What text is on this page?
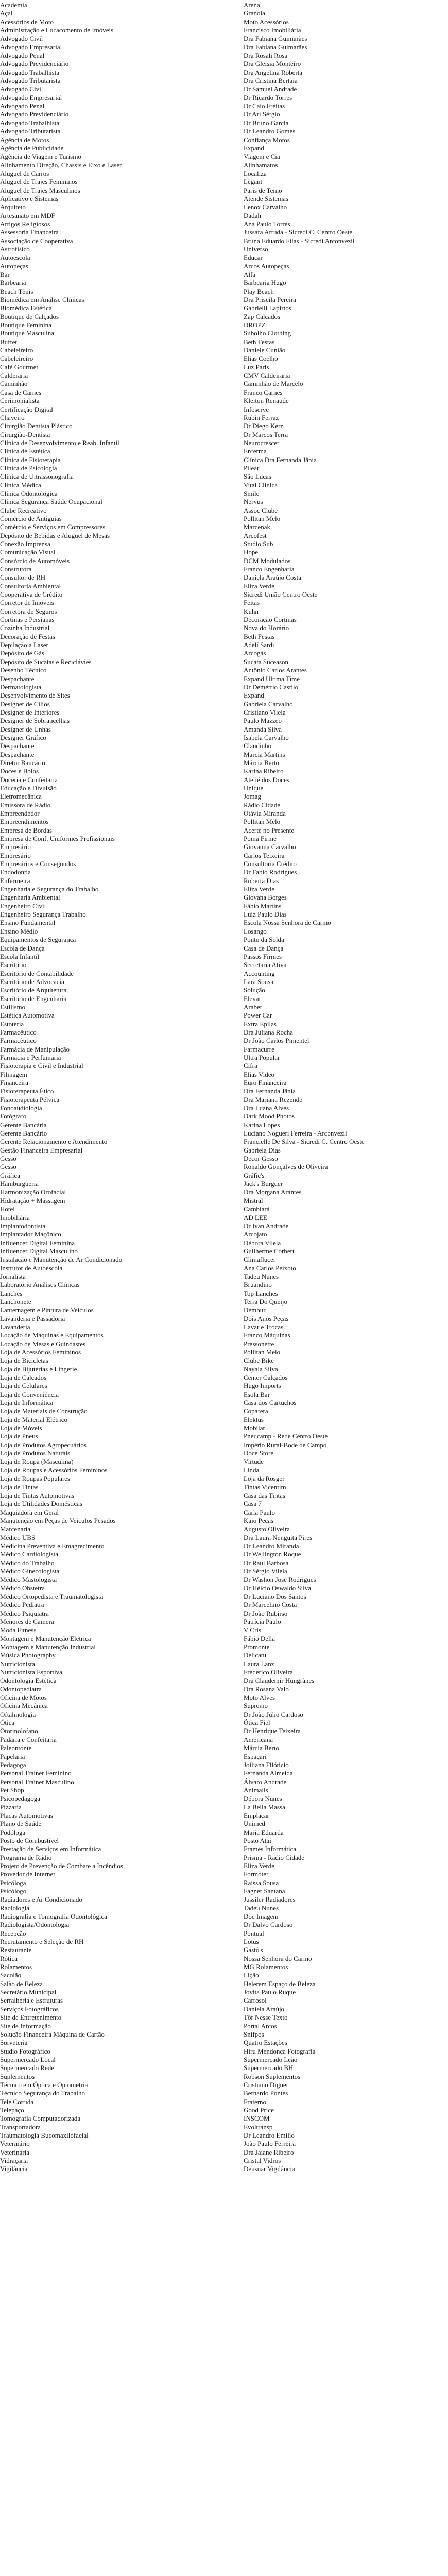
Academia	Arena
Açaí	Granola
Acessórios de Moto	Moto Acessórios
Administração e Locacomento de Imóveis	Francisco Imobiliária
Advogado Civil	Dra Fabiana Guimarães
Advogado Empresarial	Dra Fabiana Guimarães
Advogado Penal	Dra Rosali Rosa
Advogado Previdenciário	Dra Gleisia Monteiro
Advogado Trabalhista	Dra Angelina Roberta
Advogado Tributarista	Dra Cristina Bertaia
Advogado Civil	Dr Samuel Andrade
Advogado Empresarial	Dr Ricardo Torres
Advogado Penal	Dr Caio Freitas
Advogado Previdenciário	Dr Ari Sérgio
Advogado Trabalhista	Dr Bruno Garcia
Advogado Tributarista	Dr Leandro Gomes
Agência de Motos	Confiança Motos
Agência de Publicidade	Expand
Agência de Viagem e Turismo	Viagem e Cia
Alinhamento Direção, Chassis e Eixo e Laser	Alinhamatos
Aluguel de Carros	Localiza
Aluguel de Trajes Femininos	Lègant
Aluguel de Trajes Masculinos	Paris de Terno
Aplicativo e Sistemas	Atende Sistemas
Arquiteto	Lenox Carvalho
Artesanato em MDF	Dadah
Artigos Religiosos	Ana Paulo Torres
Assessoria Financeira	Jussara Arruda - Sicredi C. Centro Oeste
Associação de Cooperativa	Bruna Eduardo Filas - Sicredi Arconvezil
Astrofísico	Universo
Autoescola	Educar
Autopeças	Arcos Autopeças
Bar	Alfa
Barbearia	Barbearia Hugo
Beach Tênis	Play Beach
Biomédica em Análise Clínicas	Dra Priscila Pereira
Biomédica Estética	Gabrielli Lapirtos
Boutique de Calçados	Zap Calçados
Boutique Feminina	DROPZ
Boutique Masculina	Subolho Clothing
Buffet	Beth Festas
Cabeleireiro	Daniele Cunião
Cabeleireiro	Elias Coelho
Café Gourmet	Luz Paris
Calderaria	CMV Caldeiraria
Caminhão	Caminhão de Marcelo
Casa de Carnes	Franco Carnes
Cerimonialista	Kleiton Renaude
Certificação Digital	Infoserve
Chaveiro	Rubin Ferraz
Cirurgião Dentista Plástico	Dr Diego Kern
Cirurgião-Dentista	Dr Marcos Terra
Clínica de Desenvolvimento e Reab. Infantil	Neurocrescer
Clínica de Estética	Enferma
Clínica de Fisioterapia	Clínica Dra Fernanda Jânia
Clínica de Psicologia	Pilear
Clínica de Ultrassonografia	São Lucas
Clínica Médica	Vital Clínica
Clínica Odontológica	Smile
Clínica Segurança Saúde Ocupacional	Nervus
Clube Recreativo	Assoc Clube
Comércio de Antiguias	Pollitan Melo
Comércio e Serviços em Compressores	Marcenak
Depósito de Bebidas e Aluguel de Mesas	Arcofest
Conexão Imprensa	Studio Sub
Comunicação Visual	Hope
Consórcio de Automóveis	DCM Modulados
Construtora	Franco Engenharia
Consultor de RH	Daniela Araújo Costa
Consultoria Ambiental	Eliza Verde
Cooperativa de Crédito	Sicredi União Centro Oeste
Corretor de Imóveis	Feitas
Corretora de Seguros	Kuhn
Cortinas e Persianas	Decoração Cortinas
Cozinha Industrial	Nova do Horário
Decoração de Festas	Beth Festas
Depilação a Laser	Adelí Sardi
Depósito de Gás	Arcogás
Depósito de Sucatas e Reciclávies	Sucata Suceason
Desenho Técnico	Antônio Carlos Arantes
Despachante	Expand Ultima Time
Dermatologista	Dr Demétrio Castilo
Desenvolvimento de Sites	Expand
Designer de Cílios	Gabriela Carvalho
Designer de Interiores	Cristiano Vilela
Designer de Sobrancelhas	Paulo Mazzeo
Designer de Unhas	Amanda Silva
Designer Gráfico	Isabela Carvalho
Despachante	Claudinho
Despachante	Marcia Martins
Diretor Bancário	Márcia Berto
Doces e Bolos	Karina Ribeiro
Doceria e Confeitaria	Atelié dos Doces
Educação e Divulsão	Unique
Eletromecânica	Jomag
Emissora de Rádio	Rádio Cidade
Empreendedor	Otávia Miranda
Empreendimentos	Pollitan Melo
Empresa de Bordas	Acerte no Presente
Empresa de Conf. Uniformes Profissionais	Poma Firme
Empresário	Giovanna Carvalho
Empresário	Carlos Teixeira
Empresários e Consegundos	Consultoria Crédito
Endodontia	Dr Fabio Rodrigues
Enfermeira	Roberta Dias
Engenharia e Segurança do Trabalho	Eliza Verde
Engenharia Ambiental	Giovana Borges
Engenheiro Civil	Fábio Martins
Engenheiro Segurança Trabalho	Luiz Paulo Dias
Ensino Fundamental	Escola Nossa Senhora de Carmo
Ensino Médio	Losango
Equipamentos de Segurança	Ponto da Solda
Escola de Dança	Casa de Dança
Escola Infantil	Passos Firmes
Escritório	Secretaria Ativa
Escritório de Contabilidade	Accounting
Escritório de Advocacia	Lara Sousa
Escritório de Arquitetura	Solução
Escritório de Engenharia	Elevar
Estilismo	Araber
Estética Automotiva	Power Car
Estoteria	Extra Epílas
Farmacêutico	Dra Juliana Rocha
Farmacêutico	Dr João Carlos Pimentel
Farmácia de Manipulação	Farmacurre
Farmácia e Perfumaria	Ultra Popular
Fisioterapia e Civil e Industrial	Cifra
Filmagem	Elias Video
Financeira	Euro Financeira
Fisioterapeuta Ético	Dra Fernanda Jânia
Fisioterapeuta Pélvica	Dra Mariana Rezende
Fonoaudiologia	Dra Luana Alves
Fotógrafo	Dark Mood Photos
Gerente Bancária	Karina Lopes
Gerente Bancário	Luciano Nogueri Ferreira - Arconvezil
Gerente Relacionamento e Atendimento	Francielle De Silva - Sicredi C. Centro Oeste
Gestão Financeira Empresarial	Gabriela Dias
Gesso	Decor Gesso
Gesso	Ronaldo Gonçalves de Oliveira
Gráfica	Gráfic's
Hamburgueria	Jack's Burguer
Harmonização Orofacial	Dra Morgana Arantes
Hidratação + Massagem	Mistral
Hotel	Cambiará
Imobiliária	AD LEE
Implantodontista	Dr Ivan Andrade
Implantador Maçônico	Arcojato
Influencer Digital Feminina	Débora Vilela
Influencer Digital Masculino	Guilherme Corbert
Instalação e Manutenção de Ar Condicionado	Climaflucer
Instrutor de Autoescola	Ana Carlos Peixoto
Jornalista	Tadeu Nunes
Laboratório Análises Clínicas	Bruandino
Lanches	Top Lanches
Lanchonete	Terra Do Queijo
Lanternagem e Pintura de Veículos	Dembur
Lavanderia e Passadoria	Dois Anos Peças
Lavanderia	Lavar e Trocas
Locação de Máquinas e Equipamentos	Franco Máquinas
Locação de Mesas e Guindastes	Pressonette
Loja de Acessórios Femininos	Pollitan Melo
Loja de Bicicletas	Clube Bike
Loja de Bijuterias e Lingerie	Nayala Silva
Loja de Calçados	Center Calçados
Loja de Celulares	Hugo Imports
Loja de Conveniência	Esola Bar
Loja de Informática	Casa dos Cartuchos
Loja de Materiais de Construção	Copafera
Loja de Material Elétrico	Elektus
Loja de Móveis	Mobilar
Loja de Pneus	Pneucamp - Rede Centro Oeste
Loja de Produtos Agropecuários	Império Rural-Bode de Campo
Loja de Produtos Naturais	Doce Store
Loja de Roupa (Masculina)	Virtude
Loja de Roupas e Acessórios Femininos	Linda
Loja de Roupas Populares	Loja da Rosger
Loja de Tintas	Tintas Vicentim
Loja de Tintas Automotivas	Casa das Tintas
Loja de Utilidades Domésticas	Casa 7
Maquiadora em Geral	Carla Paulo
Manutenção em Peças de Veículos Pesados	Kaio Peças
Marcenaria	Augusto Oliveira
Médico UBS	Dra Laura Nenguita Pires
Medicina Preventiva e Emagrecimento	Dr Leandro Miranda
Médico Cardiologista	Dr Wellington Roque
Médico do Trabalho	Dr Raul Barbosa
Médico Ginecologista	Dr Sérgio Vilela
Médico Mastologista	Dr Washon José Rodrigues
Médico Obstetra	Dr Hélcio Oswaldo Silva
Médico Ortopedista e Traumatologista	Dr Luciano Dos Santos
Médico Pediatra	Dr Marcelino Costa
Médico Psiquiatra	Dr João Rubirso
Menores de Camera	Patrícia Paulo
Moda Fitness	V Cris
Montagem e Manutenção Elétrica	Fábio Della
Montagem e Manutenção Industrial	Promonte
Música Photography	Delicatu
Nutricionista	Laura Lanz
Nutricionista Esportiva	Frederico Oliveira
Odontologia Estética	Dra Claudemir Hungrânes
Odontopediatra	Dra Rosana Valo
Oficina de Motos	Moto Alves
Oficina Mecânica	Supremo
Oftalmologia	Dr João Júlio Cardoso
Ótica	Ótica Fiel
Otorinolofano	Dr Henrique Teixeira
Padaria e Confeitaria	Americana
Paleontonte	Márcia Berto
Papelaria	Espaçari
Pedagoga	Joiliana Filóticio
Personal Trainer Feminino	Fernanda Almeida
Personal Trainer Masculino	Álvaro Andrade
Pet Shop	Animalis
Psicopedagoga	Débora Nunes
Pizzaria	La Bella Massa
Placas Automotivas	Emplacar
Plano de Saúde	Unimed
Podóloga	Maria Eduarda
Posto de Combustível	Posto Atai
Prestação de Serviços em Informática	Frames Informática
Programa de Rádio	Prisma - Rádio Cidade
Projeto de Prevenção de Combate a Incêndios	Eliza Verde
Provedor de Internet	Formoter
Psicóloga	Raissa Sousa
Psicólogo	Fagner Santana
Radiadores e Ar Condicionado	Jussiler Radiadores
Radiologia	Tadeu Nunes
Radiografia e Tomografia Odontológica	Doc Imagem
Radiologista/Odontologia	Dr Dalvo Cardoso
Recepção	Pontual
Recrutamento e Seleção de RH	Lótus
Restaurante	Gastô's
Rótica	Nossa Senhora do Carmo
Rolamentos	MG Rolamentos
Sacolão	Lição
Salão de Beleza	Helerem Espaço de Beleza
Secretário Municipal	Jovita Paulo Ruque
Serralheria e Estruturas	Carrosol
Serviços Fotográficos	Daniela Araújo
Site de Entretenimento	Tôr Nesse Texto
Site de Informação	Portal Arcos
Solução Financeira Máquina de Cartão	Snifpos
Sorveteria	Quatro Estações
Studio Fotográfico	Hiru Mendonça Fotografia
Supermercado Local	Supermercado Leão
Supermercado Rede	Supermercado BH
Suplementos	Robson Suplementos
Técnico em Óptica e Optometria	Cristiano Digner
Técnico Segurança do Trabalho	Bernardo Pontes
Tele Corrida	Fraterno
Telepaço	Good Price
Tomografia Computadorizada	INSCOM
Transportadora	Evoltransp
Traumatologia Bucomaxilofacial	Dr Leandro Emílio
Veterinário	João Paulo Ferreira
Veterinária	Dra Jaiane Ribeiro
Vidraçaria	Cristal Vidros
Vigilância	Deusuar Vigilância
